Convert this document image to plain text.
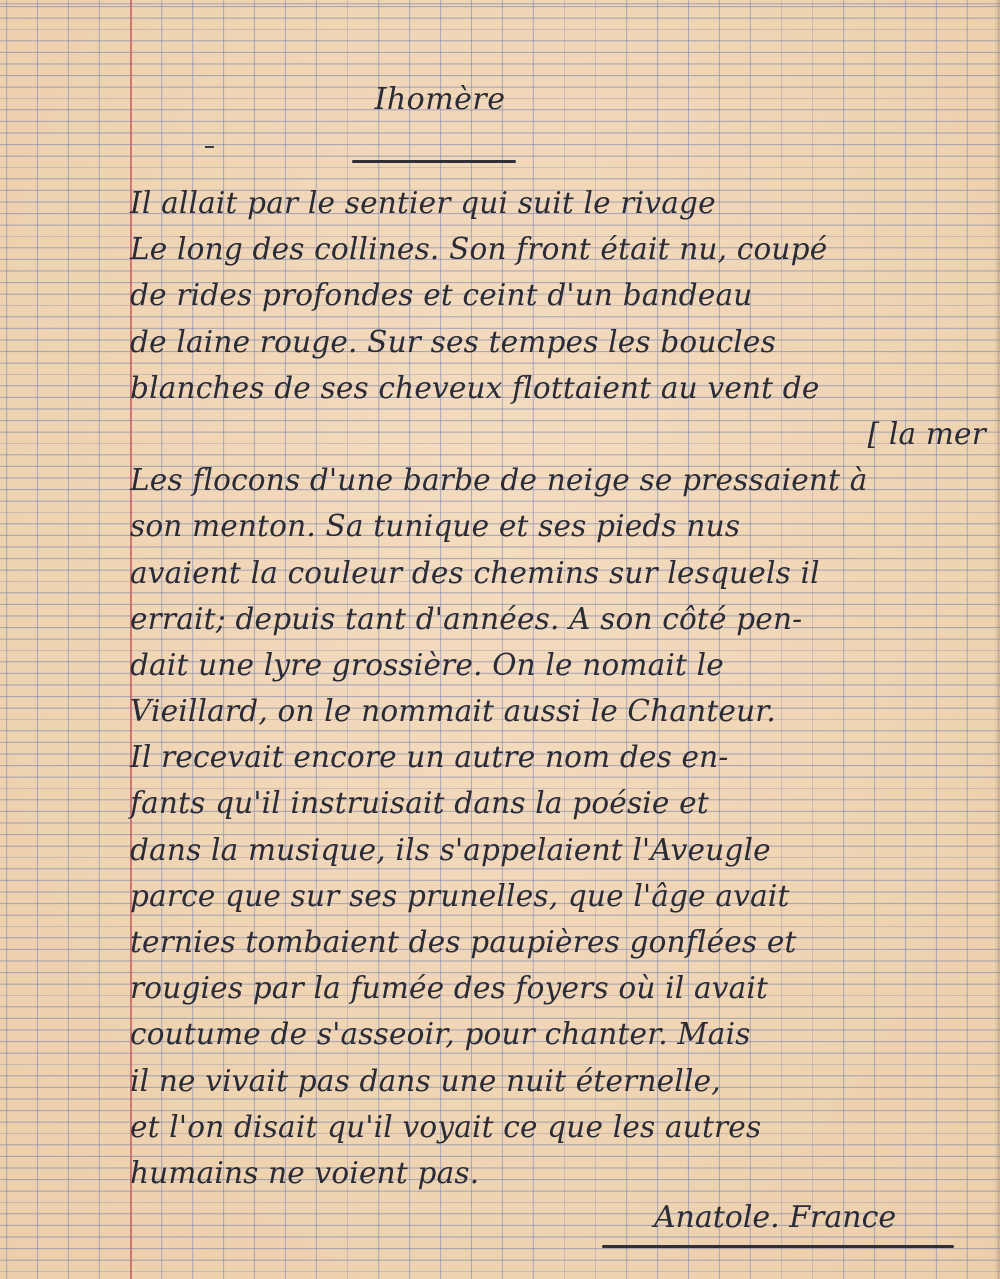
Ihomère
Il allait par le sentier qui suit le rivage
Le long des collines. Son front était nu, coupé
de rides profondes et ceint d'un bandeau
de laine rouge. Sur ses tempes les boucles
blanches de ses cheveux flottaient au vent de
[ la mer
Les flocons d'une barbe de neige se pressaient à
son menton. Sa tunique et ses pieds nus
avaient la couleur des chemins sur lesquels il
errait; depuis tant d'années. A son côté pen-
dait une lyre grossière. On le nomait le
Vieillard, on le nommait aussi le Chanteur.
Il recevait encore un autre nom des en-
fants qu'il instruisait dans la poésie et
dans la musique, ils s'appelaient l'Aveugle
parce que sur ses prunelles, que l'âge avait
ternies tombaient des paupières gonflées et
rougies par la fumée des foyers où il avait
coutume de s'asseoir, pour chanter. Mais
il ne vivait pas dans une nuit éternelle,
et l'on disait qu'il voyait ce que les autres
humains ne voient pas.
Anatole. France
